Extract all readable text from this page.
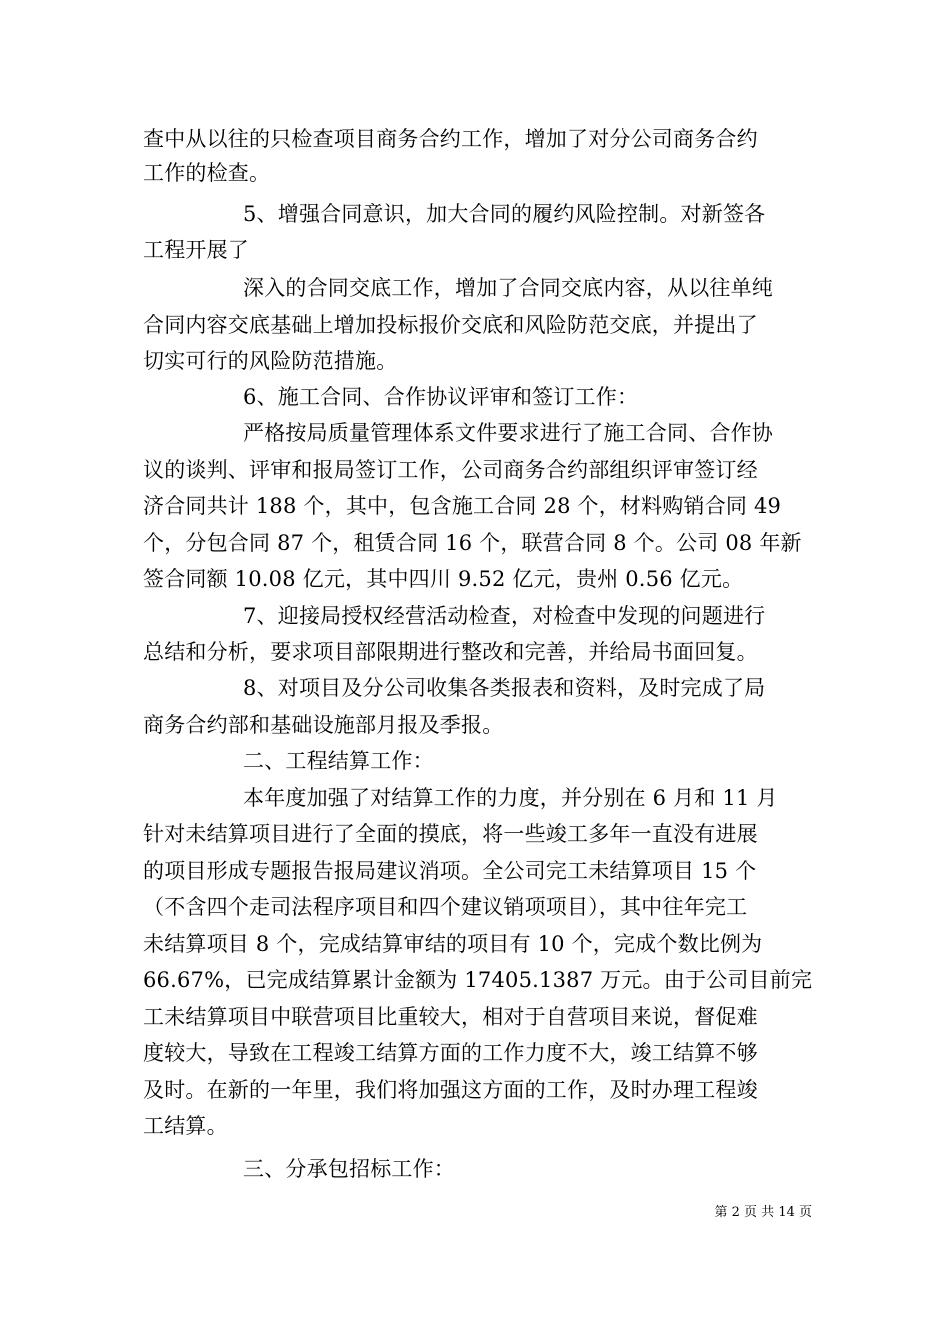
查中从以往的只检查项目商务合约工作，增加了对分公司商务合约
工作的检查。
5、增强合同意识，加大合同的履约风险控制。对新签各
工程开展了
深入的合同交底工作，增加了合同交底内容，从以往单纯
合同内容交底基础上增加投标报价交底和风险防范交底，并提出了
切实可行的风险防范措施。
6、施工合同、合作协议评审和签订工作：
严格按局质量管理体系文件要求进行了施工合同、合作协
议的谈判、评审和报局签订工作，公司商务合约部组织评审签订经
济合同共计 188 个，其中，包含施工合同 28 个，材料购销合同 49
个，分包合同 87 个，租赁合同 16 个，联营合同 8 个。公司 08 年新
签合同额 10.08 亿元，其中四川 9.52 亿元，贵州 0.56 亿元。
7、迎接局授权经营活动检查，对检查中发现的问题进行
总结和分析，要求项目部限期进行整改和完善，并给局书面回复。
8、对项目及分公司收集各类报表和资料，及时完成了局
商务合约部和基础设施部月报及季报。
二、工程结算工作：
本年度加强了对结算工作的力度，并分别在 6 月和 11 月
针对未结算项目进行了全面的摸底，将一些竣工多年一直没有进展
的项目形成专题报告报局建议消项。全公司完工未结算项目 15 个
（不含四个走司法程序项目和四个建议销项项目），其中往年完工
未结算项目 8 个，完成结算审结的项目有 10 个，完成个数比例为
66.67%，已完成结算累计金额为 17405.1387 万元。由于公司目前完
工未结算项目中联营项目比重较大，相对于自营项目来说，督促难
度较大，导致在工程竣工结算方面的工作力度不大，竣工结算不够
及时。在新的一年里，我们将加强这方面的工作，及时办理工程竣
工结算。
三、分承包招标工作：
第 2 页 共 14 页
